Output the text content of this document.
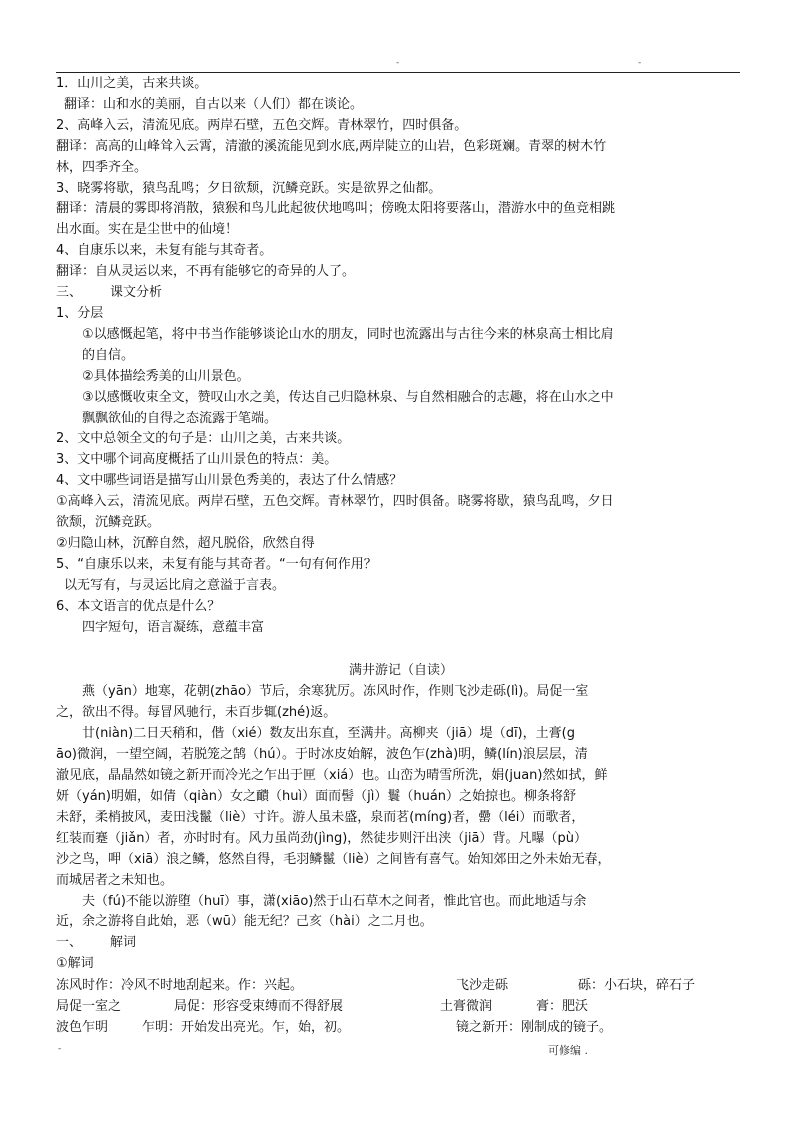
-	-
1．山川之美，古来共谈。
翻译：山和水的美丽，自古以来（人们）都在谈论。
2、高峰入云，清流见底。两岸石壁，五色交辉。青林翠竹，四时俱备。
翻译：高高的山峰耸入云霄，清澈的溪流能见到水底,两岸陡立的山岩，色彩斑斓。青翠的树木竹
林，四季齐全。
3、晓雾将歇，猿鸟乱鸣；夕日欲颓，沉鳞竞跃。实是欲界之仙都。
翻译：清晨的雾即将消散，猿猴和鸟儿此起彼伏地鸣叫；傍晚太阳将要落山，潜游水中的鱼竞相跳
出水面。实在是尘世中的仙境！
4、自康乐以来，未复有能与其奇者。
翻译：自从灵运以来，不再有能够它的奇异的人了。
三、 课文分析
1、分层
①以感慨起笔，将中书当作能够谈论山水的朋友，同时也流露出与古往今来的林泉高士相比肩
的自信。
②具体描绘秀美的山川景色。
③以感慨收束全文，赞叹山水之美，传达自己归隐林泉、与自然相融合的志趣，将在山水之中
飘飘欲仙的自得之态流露于笔端。
2、文中总领全文的句子是：山川之美，古来共谈。
3、文中哪个词高度概括了山川景色的特点：美。
4、文中哪些词语是描写山川景色秀美的，表达了什么情感？
①高峰入云，清流见底。两岸石壁，五色交辉。青林翠竹，四时俱备。晓雾将歇，猿鸟乱鸣，夕日
欲颓，沉鳞竞跃。
②归隐山林，沉醉自然，超凡脱俗，欣然自得
5、“自康乐以来，未复有能与其奇者。“一句有何作用？
以无写有，与灵运比肩之意溢于言表。
6、本文语言的优点是什么？
四字短句，语言凝练，意蕴丰富
满井游记（自读）
燕（yān）地寒，花朝(zhāo）节后，余寒犹厉。冻风时作，作则飞沙走砾(lì)。局促一室
之，欲出不得。每冒风驰行，未百步辄(zhé)返。
廿(niàn)二日天稍和，偕（xié）数友出东直，至满井。高柳夹（jiā）堤（dī)，土膏(g
āo)微润，一望空阔，若脱笼之鹄（hú）。于时冰皮始解，波色乍(zhà)明，鳞(lín)浪层层，清
澈见底，晶晶然如镜之新开而冷光之乍出于匣（xiá）也。山峦为晴雪所洗，娟(juan)然如拭，鲜
妍（yán)明媚，如倩（qiàn）女之靧（huì）面而髻（jì）鬟（huán）之始掠也。柳条将舒
未舒，柔梢披风，麦田浅鬣（liè）寸许。游人虽未盛，泉而茗(míng)者，罍（léi）而歌者，
红装而蹇（jiǎn）者，亦时时有。风力虽尚劲(jìng)，然徒步则汗出浃（jiā）背。凡曝（pù）
沙之鸟，呷（xiā）浪之鳞，悠然自得，毛羽鳞鬣（liè）之间皆有喜气。始知郊田之外未始无春，
而城居者之未知也。
夫（fú)不能以游堕（huī）事，潇(xiāo)然于山石草木之间者，惟此官也。而此地适与余
近，余之游将自此始，恶（wū）能无纪？己亥（hài）之二月也。
一、 解词
①解词
冻风时作：冷风不时地刮起来。作：兴起。	飞沙走砾	砾：小石块，碎石子
局促一室之	局促：形容受束缚而不得舒展	土膏微润	膏：肥沃
波色乍明	乍明：开始发出亮光。乍，始，初。	镜之新开：刚制成的镜子。
-	可修编 .
